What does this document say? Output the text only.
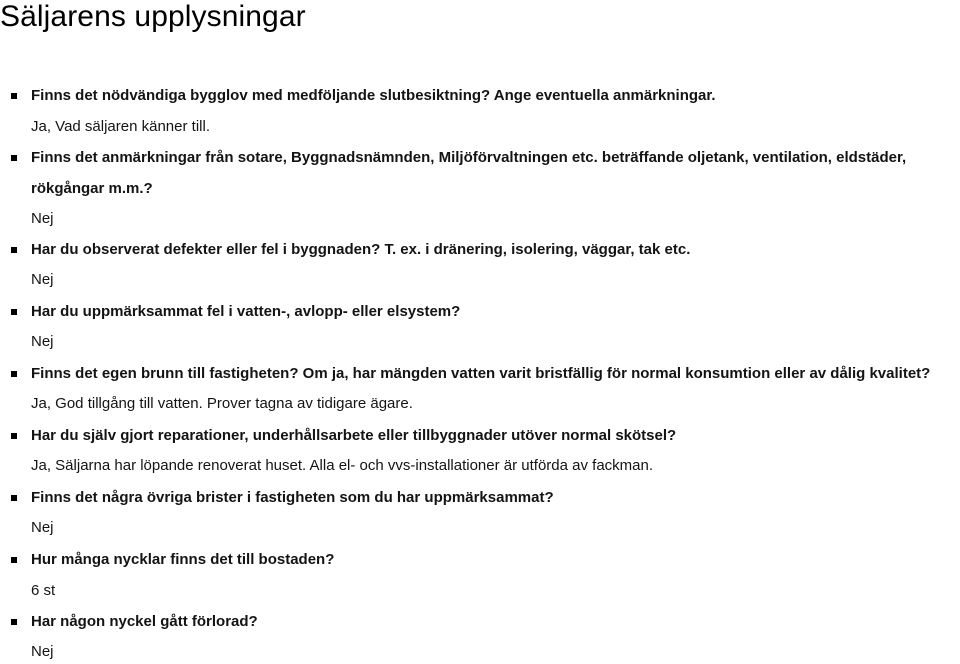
Säljarens upplysningar
Finns det nödvändiga bygglov med medföljande slutbesiktning? Ange eventuella anmärkningar.
Ja, Vad säljaren känner till.
Finns det anmärkningar från sotare, Byggnadsnämnden, Miljöförvaltningen etc. beträffande oljetank, ventilation, eldstäder,
rökgångar m.m.?
Nej
Har du observerat defekter eller fel i byggnaden? T. ex. i dränering, isolering, väggar, tak etc.
Nej
Har du uppmärksammat fel i vatten-, avlopp- eller elsystem?
Nej
Finns det egen brunn till fastigheten? Om ja, har mängden vatten varit bristfällig för normal konsumtion eller av dålig kvalitet?
Ja, God tillgång till vatten. Prover tagna av tidigare ägare.
Har du själv gjort reparationer, underhållsarbete eller tillbyggnader utöver normal skötsel?
Ja, Säljarna har löpande renoverat huset. Alla el- och vvs-installationer är utförda av fackman.
Finns det några övriga brister i fastigheten som du har uppmärksammat?
Nej
Hur många nycklar finns det till bostaden?
6 st
Har någon nyckel gått förlorad?
Nej
